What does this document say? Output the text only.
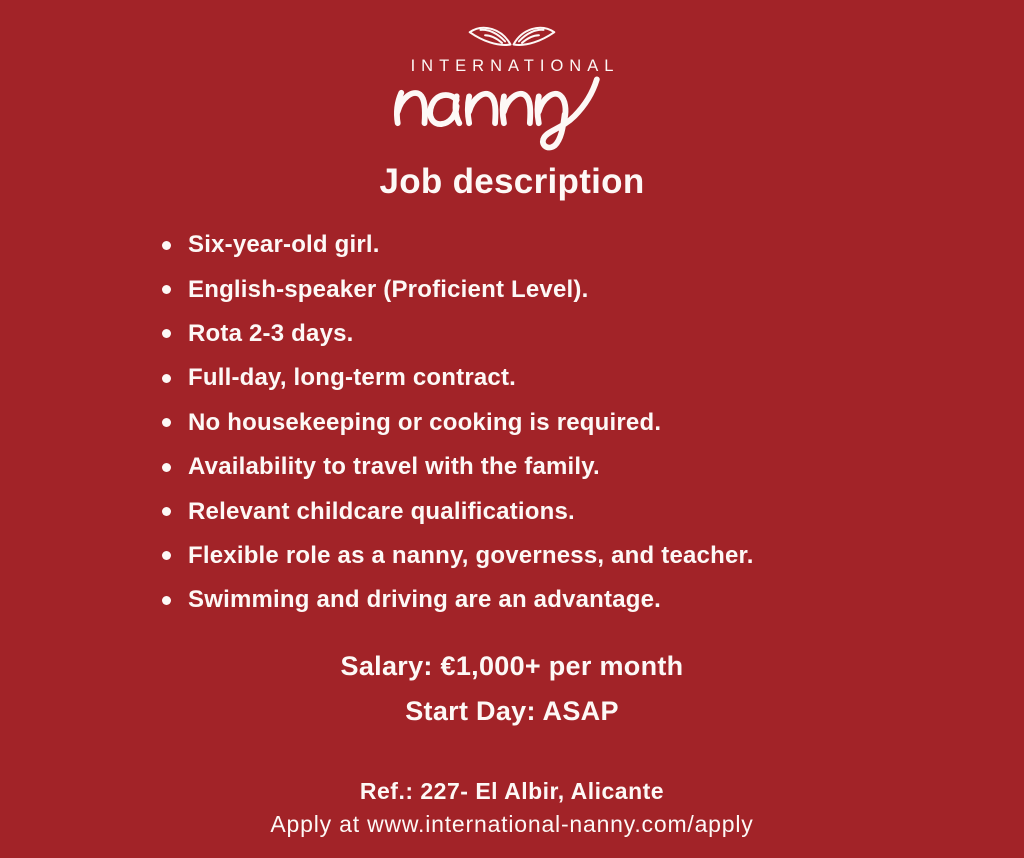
INTERNATIONAL
Job description
Six-year-old girl.
English-speaker (Proficient Level).
Rota 2-3 days.
Full-day, long-term contract.
No housekeeping or cooking is required.
Availability to travel with the family.
Relevant childcare qualifications.
Flexible role as a nanny, governess, and teacher.
Swimming and driving are an advantage.
Salary: €1,000+ per month
Start Day: ASAP
Ref.: 227- El Albir, Alicante
Apply at www.international-nanny.com/apply
